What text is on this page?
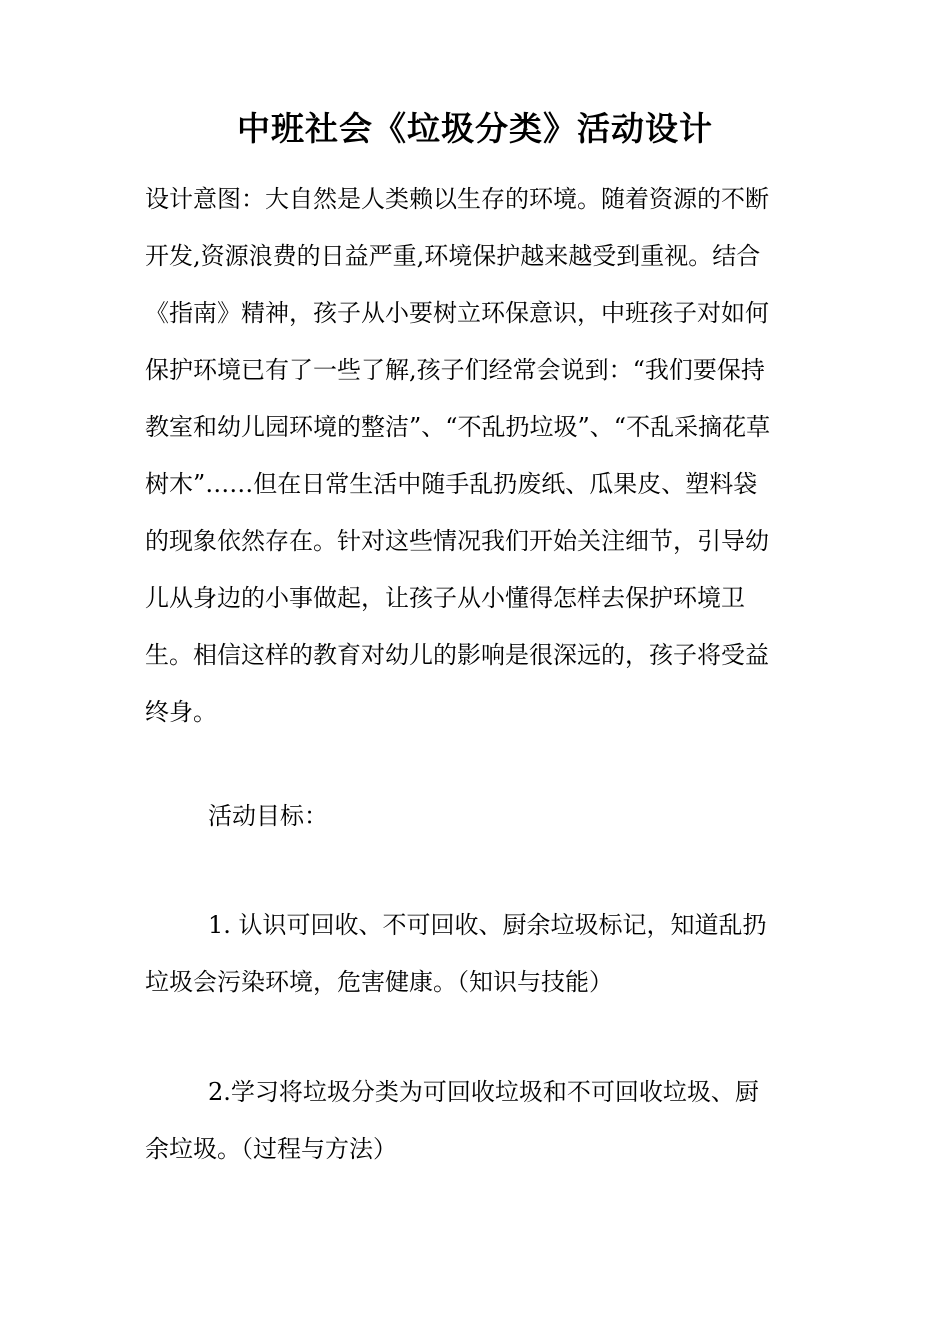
中班社会《垃圾分类》活动设计
设计意图：大自然是人类赖以生存的环境。随着资源的不断
开发,资源浪费的日益严重,环境保护越来越受到重视。结合
《指南》精神，孩子从小要树立环保意识，中班孩子对如何
保护环境已有了一些了解,孩子们经常会说到：“我们要保持
教室和幼儿园环境的整洁”、“不乱扔垃圾”、“不乱采摘花草
树木”……但在日常生活中随手乱扔废纸、瓜果皮、塑料袋
的现象依然存在。针对这些情况我们开始关注细节，引导幼
儿从身边的小事做起，让孩子从小懂得怎样去保护环境卫
生。相信这样的教育对幼儿的影响是很深远的，孩子将受益
终身。
活动目标：
1. 认识可回收、不可回收、厨余垃圾标记，知道乱扔
垃圾会污染环境，危害健康。（知识与技能）
2.学习将垃圾分类为可回收垃圾和不可回收垃圾、厨
余垃圾。（过程与方法）
